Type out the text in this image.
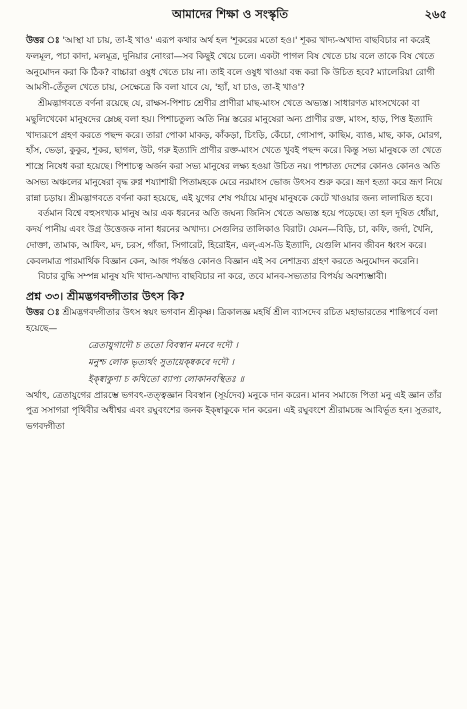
আমাদের শিক্ষা ও সংস্কৃতি	২৬৫

উত্তর ঃ 'আস্থা যা চায়, তা-ই খাও' এরূপ কথার অর্থ হল 'শূকরের মতো হও।' শূকর খাদ্য-অখাদ্য বাছবিচার না করেই ফলমূল, পচা কাদা, মলমূত্র, দুনিয়ার নোংরা—সব কিছুই খেয়ে চলে। একটা পাগল বিষ খেতে চায় বলে তাকে বিষ খেতে অনুমোদন করা কি ঠিক? বাচ্চারা ওষুধ খেতে চায় না। তাই বলে ওষুধ খাওয়া বন্ধ করা কি উচিত হবে? ম্যালেরিয়া রোগী আমসী-তেঁতুল খেতে চায়, সেক্ষেত্রে কি বলা যাবে যে, 'হ্যাঁ, যা চাও, তা-ই খাও'?

শ্রীমদ্ভাগবতে বর্ণনা রয়েছে যে, রাক্ষস-পিশাচ শ্রেণীর প্রাণীরা মাছ-মাংস খেতে অভ্যস্ত। সাধারণত মাংসখেকো বা মছুলিখেকো মানুষদের ম্লেচ্ছ বলা হয়। পিশাচতুল্য অতি নিম্ন স্তরের মানুষেরা অন্য প্রাণীর রক্ত, মাংস, হাড়, পিত্ত ইত্যাদি খাদ্যরূপে গ্রহণ করতে পছন্দ করে। তারা পোকা মাকড়, কাঁকড়া, চিংড়ি, কেঁচো, গোসাপ, কাছিম, ব্যাঙ, মাছ, কাক, মোরগ, হাঁস, ভেড়া, কুকুর, শূকর, ছাগল, উট, গরু ইত্যাদি প্রাণীর রক্ত-মাংস খেতে খুবই পছন্দ করে। কিন্তু সভ্য মানুষকে তা খেতে শাস্ত্রে নিষেধ করা হয়েছে। পিশাচত্ব অর্জন করা সভ্য মানুষের লক্ষ্য হওয়া উচিত নয়। পাশ্চাত্য দেশের কোনও কোনও অতি অসভ্য অঞ্চলের মানুষেরা বৃদ্ধ রুগ্ন শয্যাশায়ী পিতামহকে মেরে নরমাংস ভোজ উৎসব শুরু করে। ভ্রূণ হত্যা করে ভ্রূণ নিয়ে রান্না চড়ায়। শ্রীমদ্ভাগবতে বর্ণনা করা হয়েছে, এই যুগের শেষ পর্যায়ে মানুষ মানুষকে কেটে খাওয়ার জন্য লালায়িত হবে।

বর্তমান বিশ্বে বহুসংখ্যক মানুষ আর এক ধরনের অতি জঘন্য জিনিস খেতে অভ্যস্ত হয়ে পড়েছে। তা হল দূষিত ধোঁয়া, কদর্য পানীয় এবং উগ্র উত্তেজক নানা ধরনের অখাদ্য। সেগুলির তালিকাও বিরাট। যেমন—বিড়ি, চা, কফি, জর্দা, খৈনি, দোক্তা, তামাক, আফিং, মদ, চরস, গাঁজা, সিগারেট, হিরোইন, এল্-এস-ডি ইত্যাদি, যেগুলি মানব জীবন ধ্বংস করে। কেবলমাত্র পারমার্থিক বিজ্ঞান কেন, আজ পর্যন্তও কোনও বিজ্ঞান এই সব নেশাদ্রব্য গ্রহণ করতে অনুমোদন করেনি।

বিচার বুদ্ধি সম্পন্ন মানুষ যদি খাদ্য-অখাদ্য বাছবিচার না করে, তবে মানব-সভ্যতার বিপর্যয় অবশ্যম্ভাবী।

প্রশ্ন ৩৩। শ্রীমদ্ভগবদ্গীতার উৎস কি?

উত্তর ঃ শ্রীমদ্ভগবদ্গীতার উৎস স্বয়ং ভগবান শ্রীকৃষ্ণ। ত্রিকালজ্ঞ মহর্ষি শ্রীল ব্যাসদেব রচিত মহাভারতের শান্তিপর্বে বলা হয়েছে—

ত্রেতাযুগাদৌ চ ততো বিবস্বান মনবে দদৌ ।
মনুশ্চ লোক ভৃত্যর্থং সুতায়েক্ষ্বকবে দদৌ ।
ইক্ষ্বাকুণা চ কথিতো ব্যাপ্য লোকানবস্থিতঃ ॥

অর্থাৎ, ত্রেতাযুগের প্রারম্ভে ভগবৎ-তত্ত্বজ্ঞান বিবস্বান (সূর্যদেব) মনুকে দান করেন। মানব সমাজে পিতা মনু এই জ্ঞান তাঁর পুত্র সসাগরা পৃথিবীর অধীশ্বর এবং রঘুবংশের জনক ইক্ষ্বাকুকে দান করেন। এই রঘুবংশে শ্রীরামচন্দ্র আবির্ভূত হন। সুতরাং, ভগবদ্গীতা
